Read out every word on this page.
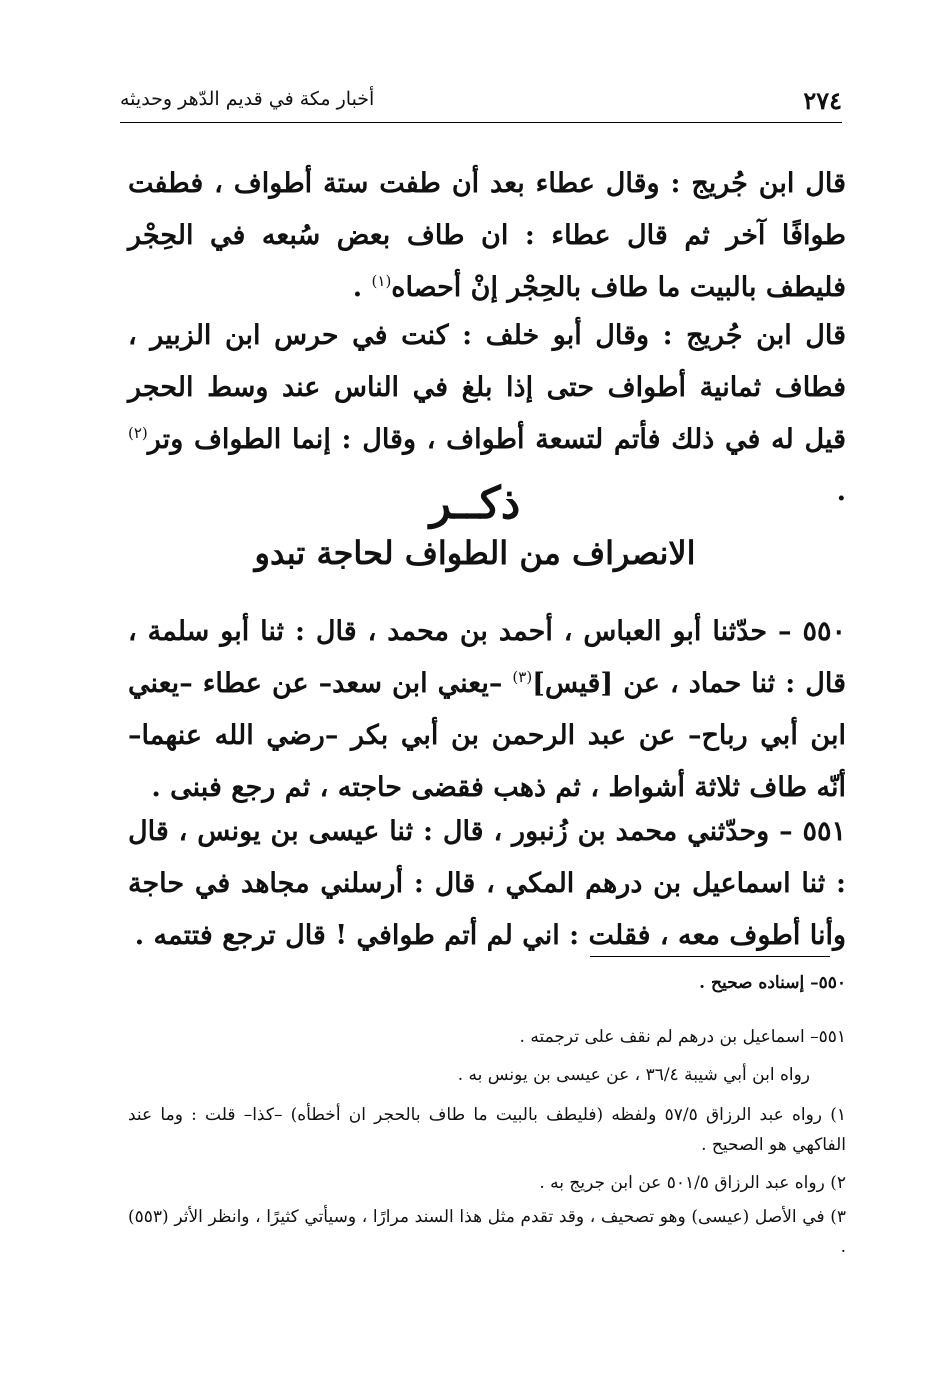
٢٧٤
أخبار مكة في قديم الدّهر وحديثه

قال ابن جُريج : وقال عطاء بعد أن طفت ستة أطواف ، فطفت طوافًا آخر ثم قال عطاء : ان طاف بعض سُبعه في الحِجْر فليطف بالبيت ما طاف بالحِجْر إنْ أحصاه$^{(١)}$ .

قال ابن جُريج : وقال أبو خلف : كنت في حرس ابن الزبير ، فطاف ثمانية أطواف حتى إذا بلغ في الناس عند وسط الحجر قيل له في ذلك فأتم لتسعة أطواف ، وقال : إنما الطواف وتر$^{(٢)}$ .

ذكــر
الانصراف من الطواف لحاجة تبدو

٥٥٠ – حدّثنا أبو العباس ، أحمد بن محمد ، قال : ثنا أبو سلمة ، قال : ثنا حماد ، عن [قيس]$^{(٣)}$ –يعني ابن سعد– عن عطاء –يعني ابن أبي رباح– عن عبد الرحمن بن أبي بكر –رضي الله عنهما– أنّه طاف ثلاثة أشواط ، ثم ذهب فقضى حاجته ، ثم رجع فبنى .

٥٥١ – وحدّثني محمد بن زُنبور ، قال : ثنا عيسى بن يونس ، قال : ثنا اسماعيل بن درهم المكي ، قال : أرسلني مجاهد في حاجة وأنا أطوف معه ، فقلت : اني لم أتم طوافي ! قال ترجع فتتمه .

٥٥٠– إسناده صحيح .

٥٥١– اسماعيل بن درهم لم نقف على ترجمته .

رواه ابن أبي شيبة ٣٦/٤ ، عن عيسى بن يونس به .

١) رواه عبد الرزاق ٥٧/٥ ولفظه (فليطف بالبيت ما طاف بالحجر ان أخطأه) –كذا– قلت : وما عند الفاكهي هو الصحيح .

٢) رواه عبد الرزاق ٥٠١/٥ عن ابن جريج به .

٣) في الأصل (عيسى) وهو تصحيف ، وقد تقدم مثل هذا السند مرارًا ، وسيأتي كثيرًا ، وانظر الأثر (٥٥٣) .
